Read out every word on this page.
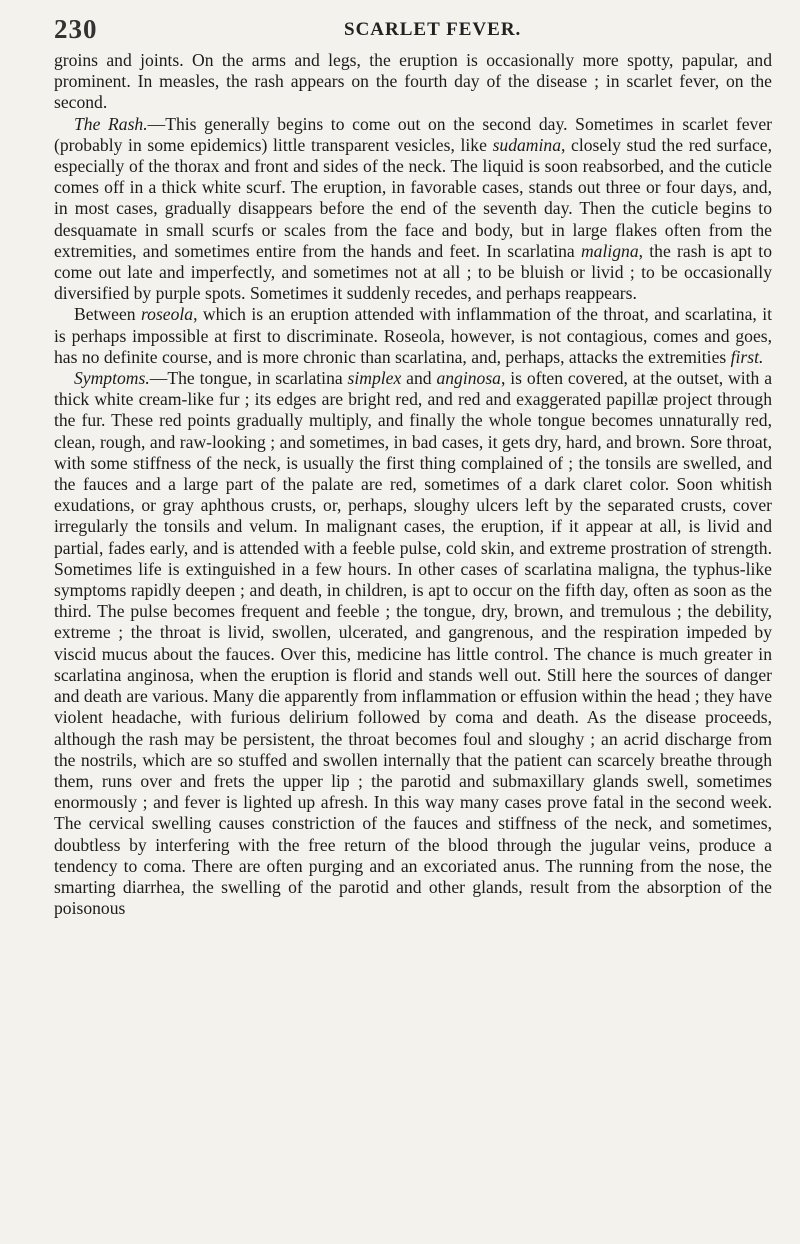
230	SCARLET FEVER.

groins and joints. On the arms and legs, the eruption is occasionally more spotty, papular, and prominent. In measles, the rash appears on the fourth day of the disease ; in scarlet fever, on the second.

The Rash.—This generally begins to come out on the second day. Sometimes in scarlet fever (probably in some epidemics) little transparent vesicles, like sudamina, closely stud the red surface, especially of the thorax and front and sides of the neck. The liquid is soon reabsorbed, and the cuticle comes off in a thick white scurf. The eruption, in favorable cases, stands out three or four days, and, in most cases, gradually disappears before the end of the seventh day. Then the cuticle begins to desquamate in small scurfs or scales from the face and body, but in large flakes often from the extremities, and sometimes entire from the hands and feet. In scarlatina maligna, the rash is apt to come out late and imperfectly, and sometimes not at all ; to be bluish or livid ; to be occasionally diversified by purple spots. Sometimes it suddenly recedes, and perhaps reappears.

Between roseola, which is an eruption attended with inflammation of the throat, and scarlatina, it is perhaps impossible at first to discriminate. Roseola, however, is not contagious, comes and goes, has no definite course, and is more chronic than scarlatina, and, perhaps, attacks the extremities first.

Symptoms.—The tongue, in scarlatina simplex and anginosa, is often covered, at the outset, with a thick white cream-like fur ; its edges are bright red, and red and exaggerated papillæ project through the fur. These red points gradually multiply, and finally the whole tongue becomes unnaturally red, clean, rough, and raw-looking ; and sometimes, in bad cases, it gets dry, hard, and brown. Sore throat, with some stiffness of the neck, is usually the first thing complained of ; the tonsils are swelled, and the fauces and a large part of the palate are red, sometimes of a dark claret color. Soon whitish exudations, or gray aphthous crusts, or, perhaps, sloughy ulcers left by the separated crusts, cover irregularly the tonsils and velum. In malignant cases, the eruption, if it appear at all, is livid and partial, fades early, and is attended with a feeble pulse, cold skin, and extreme prostration of strength. Sometimes life is extinguished in a few hours. In other cases of scarlatina maligna, the typhus-like symptoms rapidly deepen ; and death, in children, is apt to occur on the fifth day, often as soon as the third. The pulse becomes frequent and feeble ; the tongue, dry, brown, and tremulous ; the debility, extreme ; the throat is livid, swollen, ulcerated, and gangrenous, and the respiration impeded by viscid mucus about the fauces. Over this, medicine has little control. The chance is much greater in scarlatina anginosa, when the eruption is florid and stands well out. Still here the sources of danger and death are various. Many die apparently from inflammation or effusion within the head ; they have violent headache, with furious delirium followed by coma and death. As the disease proceeds, although the rash may be persistent, the throat becomes foul and sloughy ; an acrid discharge from the nostrils, which are so stuffed and swollen internally that the patient can scarcely breathe through them, runs over and frets the upper lip ; the parotid and submaxillary glands swell, sometimes enormously ; and fever is lighted up afresh. In this way many cases prove fatal in the second week. The cervical swelling causes constriction of the fauces and stiffness of the neck, and sometimes, doubtless by interfering with the free return of the blood through the jugular veins, produce a tendency to coma. There are often purging and an excoriated anus. The running from the nose, the smarting diarrhea, the swelling of the parotid and other glands, result from the absorption of the poisonous
